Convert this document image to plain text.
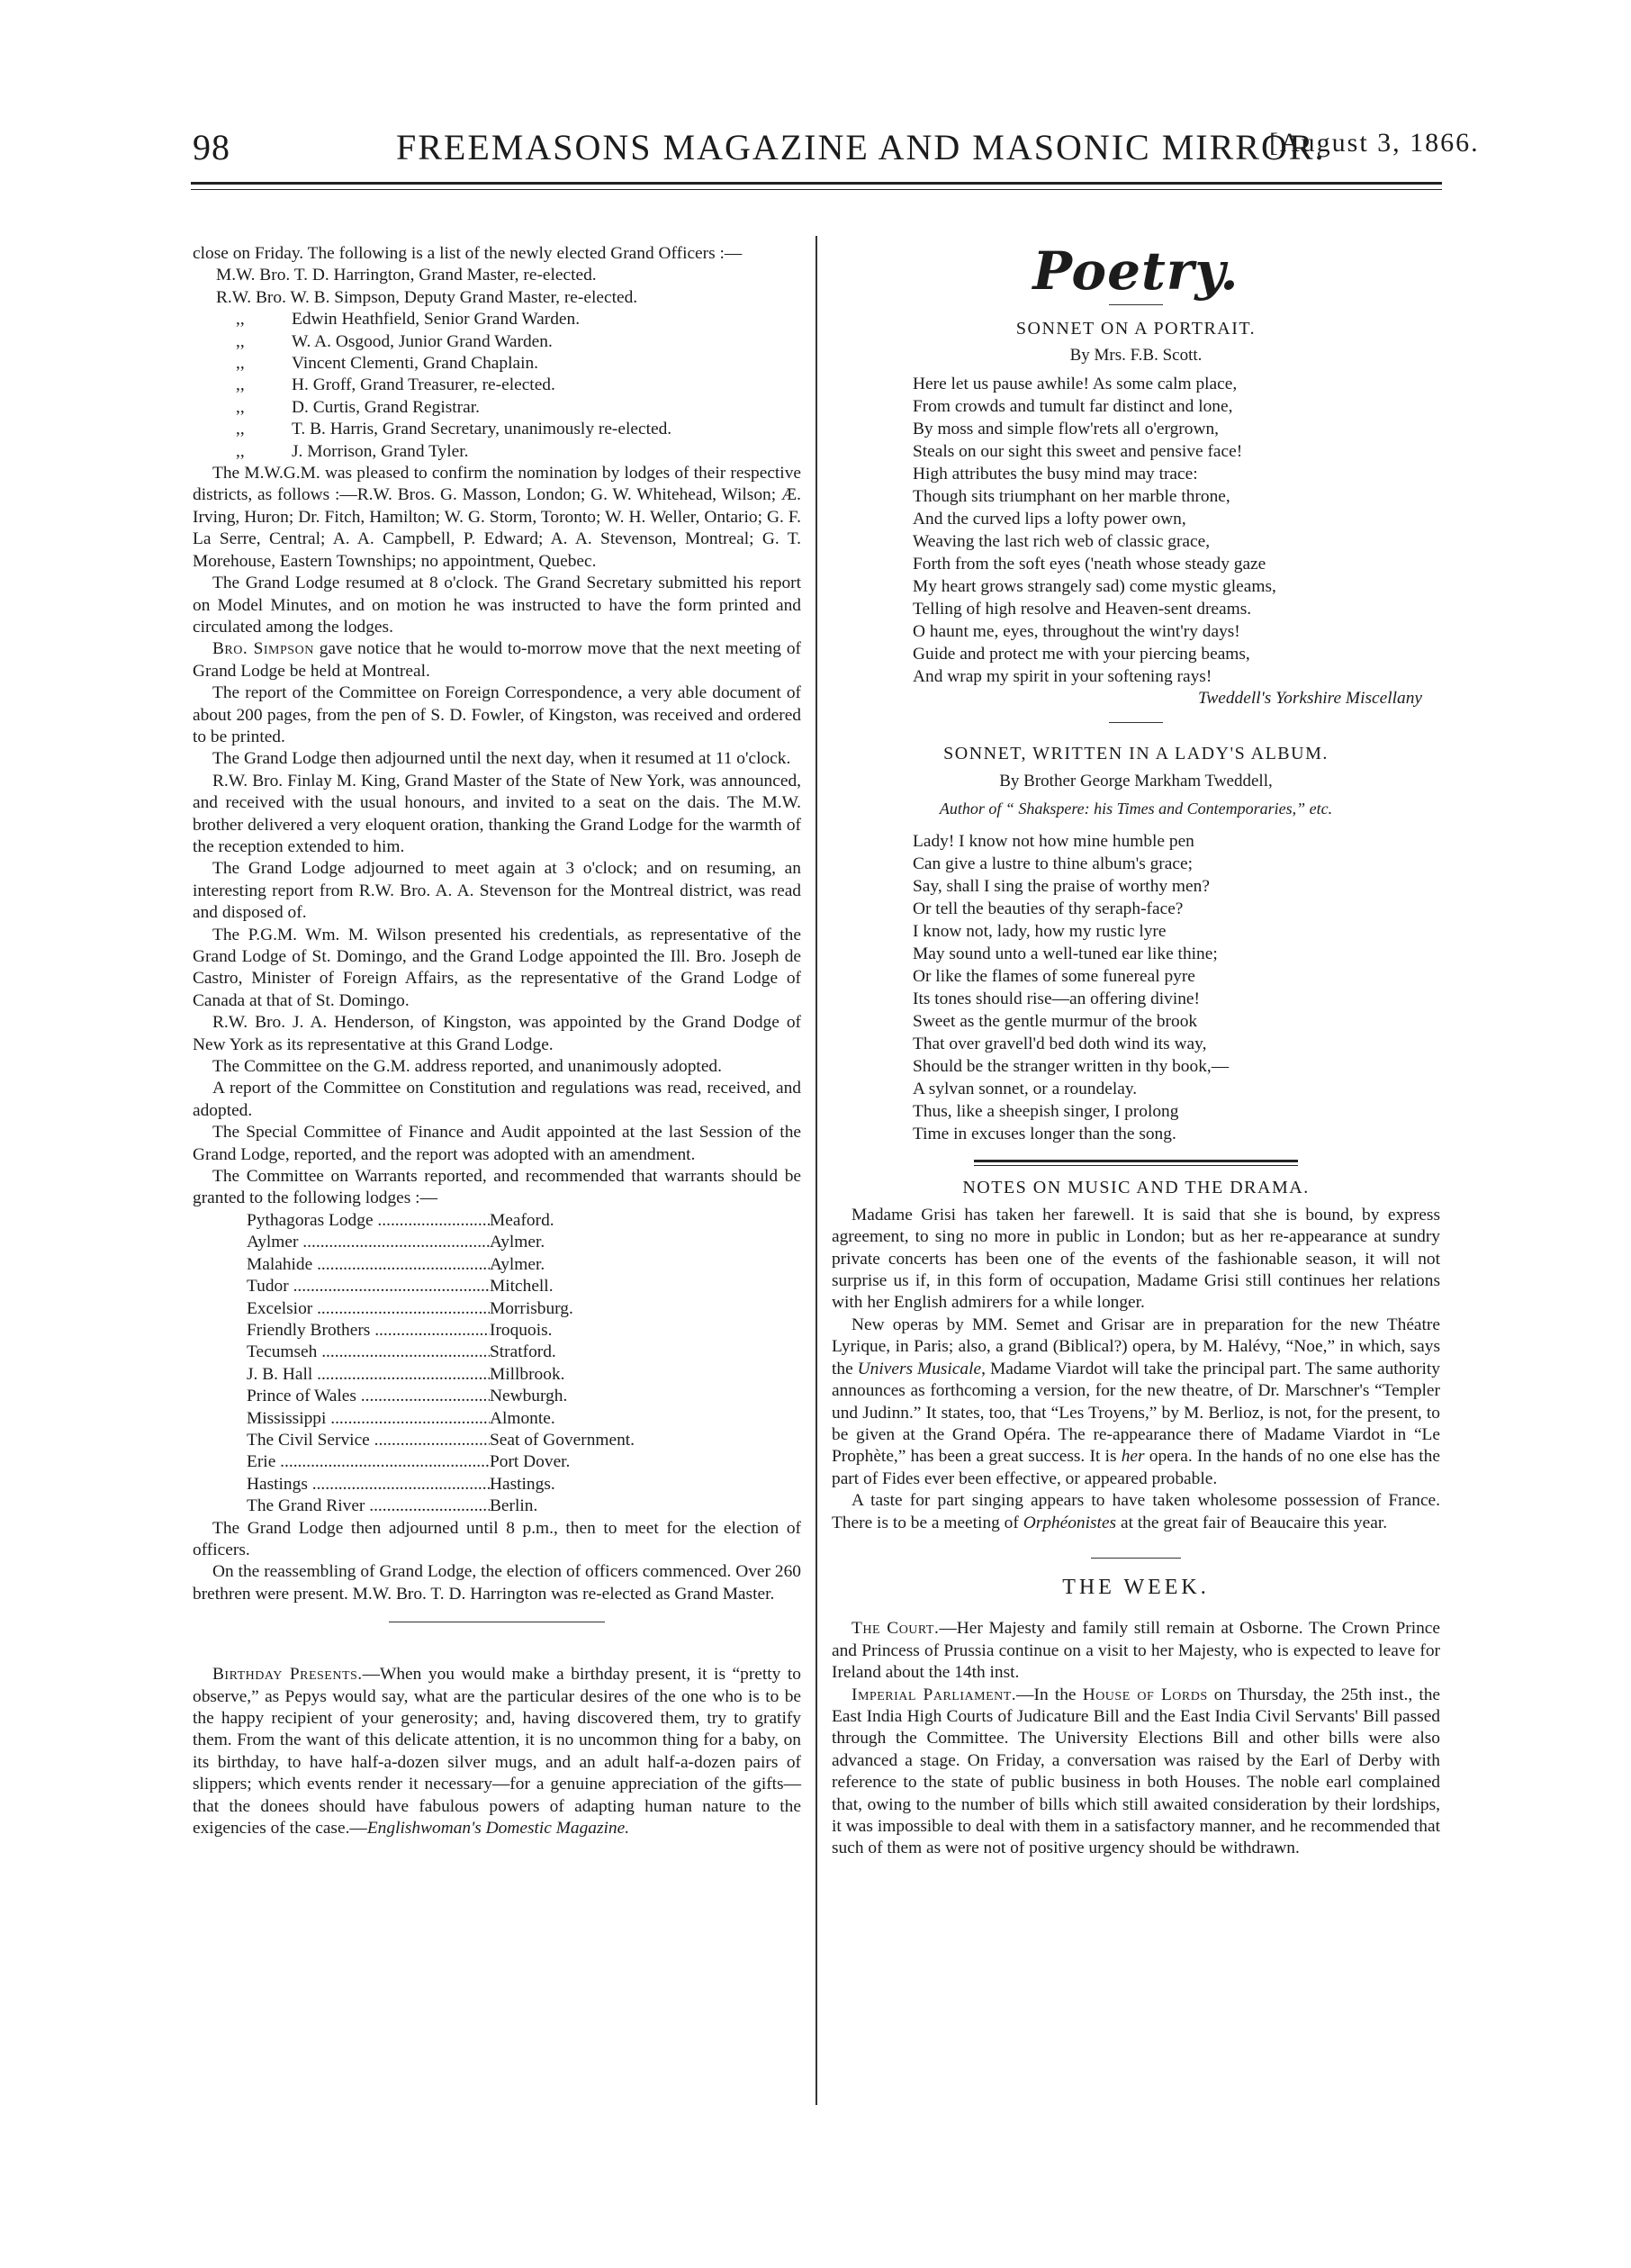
98	FREEMASONS MAGAZINE AND MASONIC MIRROR.
[August 3, 1866.

close on Friday. The following is a list of the newly elected Grand Officers :—

M.W. Bro. T. D. Harrington, Grand Master, re-elected.
R.W. Bro. W. B. Simpson, Deputy Grand Master, re-elected.
,,	Edwin Heathfield, Senior Grand Warden.
,,	W. A. Osgood, Junior Grand Warden.
,,	Vincent Clementi, Grand Chaplain.
,,	H. Groff, Grand Treasurer, re-elected.
,,	D. Curtis, Grand Registrar.
,,	T. B. Harris, Grand Secretary, unanimously re-elected.
,,	J. Morrison, Grand Tyler.

The M.W.G.M. was pleased to confirm the nomination by lodges of their respective districts, as follows :—R.W. Bros. G. Masson, London; G. W. Whitehead, Wilson; Æ. Irving, Huron; Dr. Fitch, Hamilton; W. G. Storm, Toronto; W. H. Weller, Ontario; G. F. La Serre, Central; A. A. Campbell, P. Edward; A. A. Stevenson, Montreal; G. T. Morehouse, Eastern Townships; no appointment, Quebec.

The Grand Lodge resumed at 8 o'clock. The Grand Secretary submitted his report on Model Minutes, and on motion he was instructed to have the form printed and circulated among the lodges.

Bro. Simpson gave notice that he would to-morrow move that the next meeting of Grand Lodge be held at Montreal.

The report of the Committee on Foreign Correspondence, a very able document of about 200 pages, from the pen of S. D. Fowler, of Kingston, was received and ordered to be printed.

The Grand Lodge then adjourned until the next day, when it resumed at 11 o'clock.

R.W. Bro. Finlay M. King, Grand Master of the State of New York, was announced, and received with the usual honours, and invited to a seat on the dais. The M.W. brother delivered a very eloquent oration, thanking the Grand Lodge for the warmth of the reception extended to him.

The Grand Lodge adjourned to meet again at 3 o'clock; and on resuming, an interesting report from R.W. Bro. A. A. Stevenson for the Montreal district, was read and disposed of.

The P.G.M. Wm. M. Wilson presented his credentials, as representative of the Grand Lodge of St. Domingo, and the Grand Lodge appointed the Ill. Bro. Joseph de Castro, Minister of Foreign Affairs, as the representative of the Grand Lodge of Canada at that of St. Domingo.

R.W. Bro. J. A. Henderson, of Kingston, was appointed by the Grand Dodge of New York as its representative at this Grand Lodge.

The Committee on the G.M. address reported, and unanimously adopted.

A report of the Committee on Constitution and regulations was read, received, and adopted.

The Special Committee of Finance and Audit appointed at the last Session of the Grand Lodge, reported, and the report was adopted with an amendment.

The Committee on Warrants reported, and recommended that warrants should be granted to the following lodges :—

Pythagoras Lodge .....	Meaford.
Aylmer .....	Aylmer.
Malahide .....	Aylmer.
Tudor .....	Mitchell.
Excelsior .....	Morrisburg.
Friendly Brothers .....	Iroquois.
Tecumseh .....	Stratford.
J. B. Hall .....	Millbrook.
Prince of Wales .....	Newburgh.
Mississippi .....	Almonte.
The Civil Service .....	Seat of Government.
Erie .....	Port Dover.
Hastings .....	Hastings.
The Grand River .....	Berlin.

The Grand Lodge then adjourned until 8 p.m., then to meet for the election of officers.

On the reassembling of Grand Lodge, the election of officers commenced. Over 260 brethren were present. M.W. Bro. T. D. Harrington was re-elected as Grand Master.

Birthday Presents.—When you would make a birthday present, it is “pretty to observe,” as Pepys would say, what are the particular desires of the one who is to be the happy recipient of your generosity; and, having discovered them, try to gratify them. From the want of this delicate attention, it is no uncommon thing for a baby, on its birthday, to have half-a-dozen silver mugs, and an adult half-a-dozen pairs of slippers; which events render it necessary—for a genuine appreciation of the gifts—that the donees should have fabulous powers of adapting human nature to the exigencies of the case.—Englishwoman's Domestic Magazine.

Poetry.
SONNET ON A PORTRAIT.
By Mrs. F.B. Scott.
Here let us pause awhile! As some calm place,
From crowds and tumult far distinct and lone,
By moss and simple flow'rets all o'ergrown,
Steals on our sight this sweet and pensive face!
High attributes the busy mind may trace:
Though sits triumphant on her marble throne,
And the curved lips a lofty power own,
Weaving the last rich web of classic grace,
Forth from the soft eyes ('neath whose steady gaze
My heart grows strangely sad) come mystic gleams,
Telling of high resolve and Heaven-sent dreams.
O haunt me, eyes, throughout the wint'ry days!
Guide and protect me with your piercing beams,
And wrap my spirit in your softening rays!
Tweddell's Yorkshire Miscellany
SONNET, WRITTEN IN A LADY'S ALBUM.
By Brother George Markham Tweddell,
Author of “ Shakspere: his Times and Contemporaries,” etc.
Lady! I know not how mine humble pen
Can give a lustre to thine album's grace;
Say, shall I sing the praise of worthy men?
Or tell the beauties of thy seraph-face?
I know not, lady, how my rustic lyre
May sound unto a well-tuned ear like thine;
Or like the flames of some funereal pyre
Its tones should rise—an offering divine!
Sweet as the gentle murmur of the brook
That over gravell'd bed doth wind its way,
Should be the stranger written in thy book,—
A sylvan sonnet, or a roundelay.
Thus, like a sheepish singer, I prolong
Time in excuses longer than the song.
NOTES ON MUSIC AND THE DRAMA.

Madame Grisi has taken her farewell. It is said that she is bound, by express agreement, to sing no more in public in London; but as her re-appearance at sundry private concerts has been one of the events of the fashionable season, it will not surprise us if, in this form of occupation, Madame Grisi still continues her relations with her English admirers for a while longer.

New operas by MM. Semet and Grisar are in preparation for the new Théatre Lyrique, in Paris; also, a grand (Biblical?) opera, by M. Halévy, “Noe,” in which, says the Univers Musicale, Madame Viardot will take the principal part. The same authority announces as forthcoming a version, for the new theatre, of Dr. Marschner's “Templer und Judinn.” It states, too, that “Les Troyens,” by M. Berlioz, is not, for the present, to be given at the Grand Opéra. The re-appearance there of Madame Viardot in “Le Prophète,” has been a great success. It is her opera. In the hands of no one else has the part of Fides ever been effective, or appeared probable.

A taste for part singing appears to have taken wholesome possession of France. There is to be a meeting of Orphéonistes at the great fair of Beaucaire this year.

THE WEEK.

The Court.—Her Majesty and family still remain at Osborne. The Crown Prince and Princess of Prussia continue on a visit to her Majesty, who is expected to leave for Ireland about the 14th inst.

Imperial Parliament.—In the House of Lords on Thursday, the 25th inst., the East India High Courts of Judicature Bill and the East India Civil Servants' Bill passed through the Committee. The University Elections Bill and other bills were also advanced a stage. On Friday, a conversation was raised by the Earl of Derby with reference to the state of public business in both Houses. The noble earl complained that, owing to the number of bills which still awaited consideration by their lordships, it was impossible to deal with them in a satisfactory manner, and he recommended that such of them as were not of positive urgency should be withdrawn.
